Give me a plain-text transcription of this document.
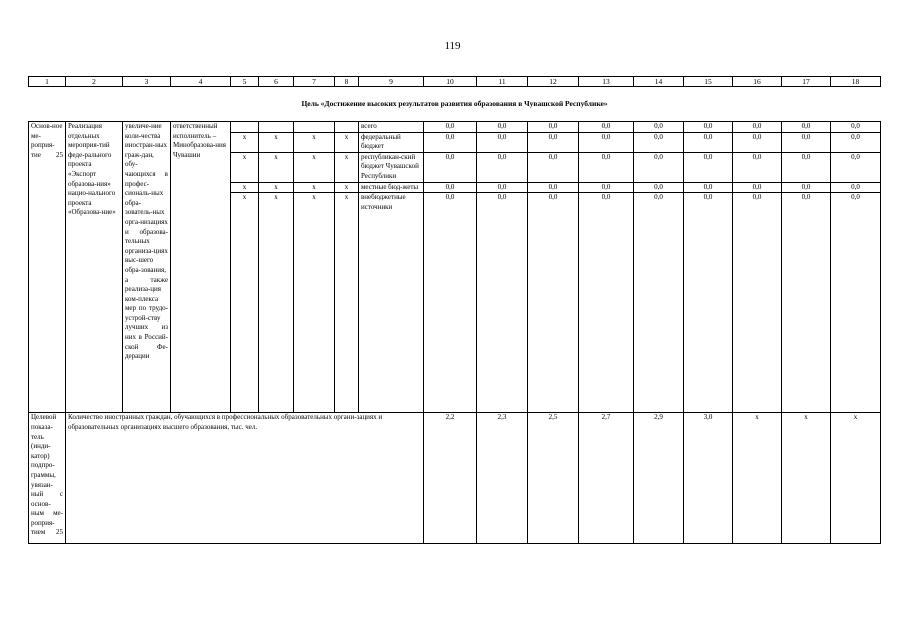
119
1	2	3	4	5	6	7	8	9	10	11	12	13	14	15	16	17	18
Цель «Достижение высоких результатов развития образования в Чувашской Республике»																	
Основ-ное ме-роприя-тие 25	Реализация отдельных мероприя-тий феде-рального проекта «Экспорт образова-ния» нацио-нального проекта «Образова-ние»	увеличе-ние коли-чества иностран-ных граж-дан, обу-чающихся в профес-сиональ-ных обра-зователь-ных орга-низациях и образова-тельных организа-циях выс-шего обра-зования, а также реализа-ция ком-плекса мер по трудо-устрой-ству лучших из них в Россий-ской Фе-дерации	ответственный исполнитель – Минобразова-ния Чувашии					всего	0,0	0,0	0,0	0,0	0,0	0,0	0,0	0,0	0,0
				x	x	x	x	федеральный бюджет	0,0	0,0	0,0	0,0	0,0	0,0	0,0	0,0	0,0
				x	x	x	x	республикан-ский бюджет Чувашской Республики	0,0	0,0	0,0	0,0	0,0	0,0	0,0	0,0	0,0
				x	x	x	x	местные бюд-жеты	0,0	0,0	0,0	0,0	0,0	0,0	0,0	0,0	0,0
				x	x	x	x	внебюджетные источники	0,0	0,0	0,0	0,0	0,0	0,0	0,0	0,0	0,0

Целевой показа-тель (инди-катор) подпро-граммы, увязан-ный с основ-ным ме-роприя-тием 25	Количество иностранных граждан, обучающихся в профессиональных образовательных органи-зациях и образовательных организациях высшего образования, тыс. чел.								2,2	2,3	2,5	2,7	2,9	3,0	x	x	x
